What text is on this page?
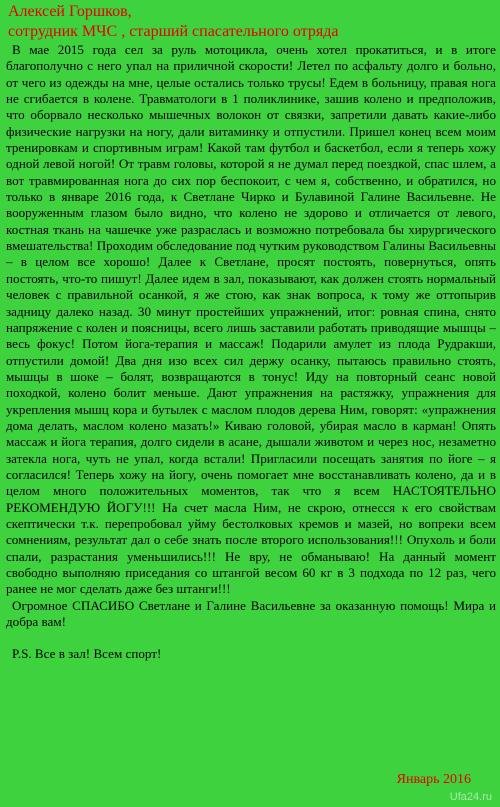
Алексей Горшков,
сотрудник МЧС , старший спасательного отряда

В мае 2015 года сел за руль мотоцикла, очень хотел прокатиться, и в итоге благополучно с него упал на приличной скорости! Летел по асфальту долго и больно, от чего из одежды на мне, целые остались только трусы! Едем в больницу, правая нога не сгибается в колене. Травматологи в 1 поликлинике, зашив колено и предположив, что оборвало несколько мышечных волокон от связки, запретили давать какие-либо физические нагрузки на ногу, дали витаминку и отпустили. Пришел конец всем моим тренировкам и спортивным играм! Какой там футбол и баскетбол, если я теперь хожу одной левой ногой! От травм головы, которой я не думал перед поездкой, спас шлем, а вот травмированная нога до сих пор беспокоит, с чем я, собственно, и обратился, но только в январе 2016 года, к Светлане Чирко и Булавиной Галине Васильевне. Не вооруженным глазом было видно, что колено не здорово и отличается от левого, костная ткань на чашечке уже разраслась и возможно потребовала бы хирургического вмешательства! Проходим обследование под чутким руководством Галины Васильевны – в целом все хорошо! Далее к Светлане, просят постоять, повернуться, опять постоять, что-то пишут! Далее идем в зал, показывают, как должен стоять нормальный человек с правильной осанкой, я же стою, как знак вопроса, к тому же оттопырив задницу далеко назад. 30 минут простейших упражнений, итог: ровная спина, снято напряжение с колен и поясницы, всего лишь заставили работать приводящие мышцы – весь фокус! Потом йога-терапия и массаж! Подарили амулет из плода Рудракши, отпустили домой! Два дня изо всех сил держу осанку, пытаюсь правильно стоять, мышцы в шоке – болят, возвращаются в тонус! Иду на повторный сеанс новой походкой, колено болит меньше. Дают упражнения на растяжку, упражнения для укрепления мышц кора и бутылек с маслом плодов дерева Ним, говорят: «упражнения дома делать, маслом колено мазать!» Киваю головой, убирая масло в карман! Опять массаж и йога терапия, долго сидели в асане, дышали животом и через нос, незаметно затекла нога, чуть не упал, когда встали! Пригласили посещать занятия по йоге – я согласился! Теперь хожу на йогу, очень помогает мне восстанавливать колено, да и в целом много положительных моментов, так что я всем НАСТОЯТЕЛЬНО РЕКОМЕНДУЮ ЙОГУ!!! На счет масла Ним, не скрою, отнесся к его свойствам скептически т.к. перепробовал уйму бестолковых кремов и мазей, но вопреки всем сомнениям, результат дал о себе знать после второго использования!!! Опухоль и боли спали, разрастания уменьшились!!! Не вру, не обманываю! На данный момент свободно выполняю приседания со штангой весом 60 кг в 3 подхода по 12 раз, чего ранее не мог сделать даже без штанги!!!

Огромное СПАСИБО Светлане и Галине Васильевне за оказанную помощь! Мира и добра вам!

P.S. Все в зал! Всем спорт!

Январь 2016
Ufa24.ru
